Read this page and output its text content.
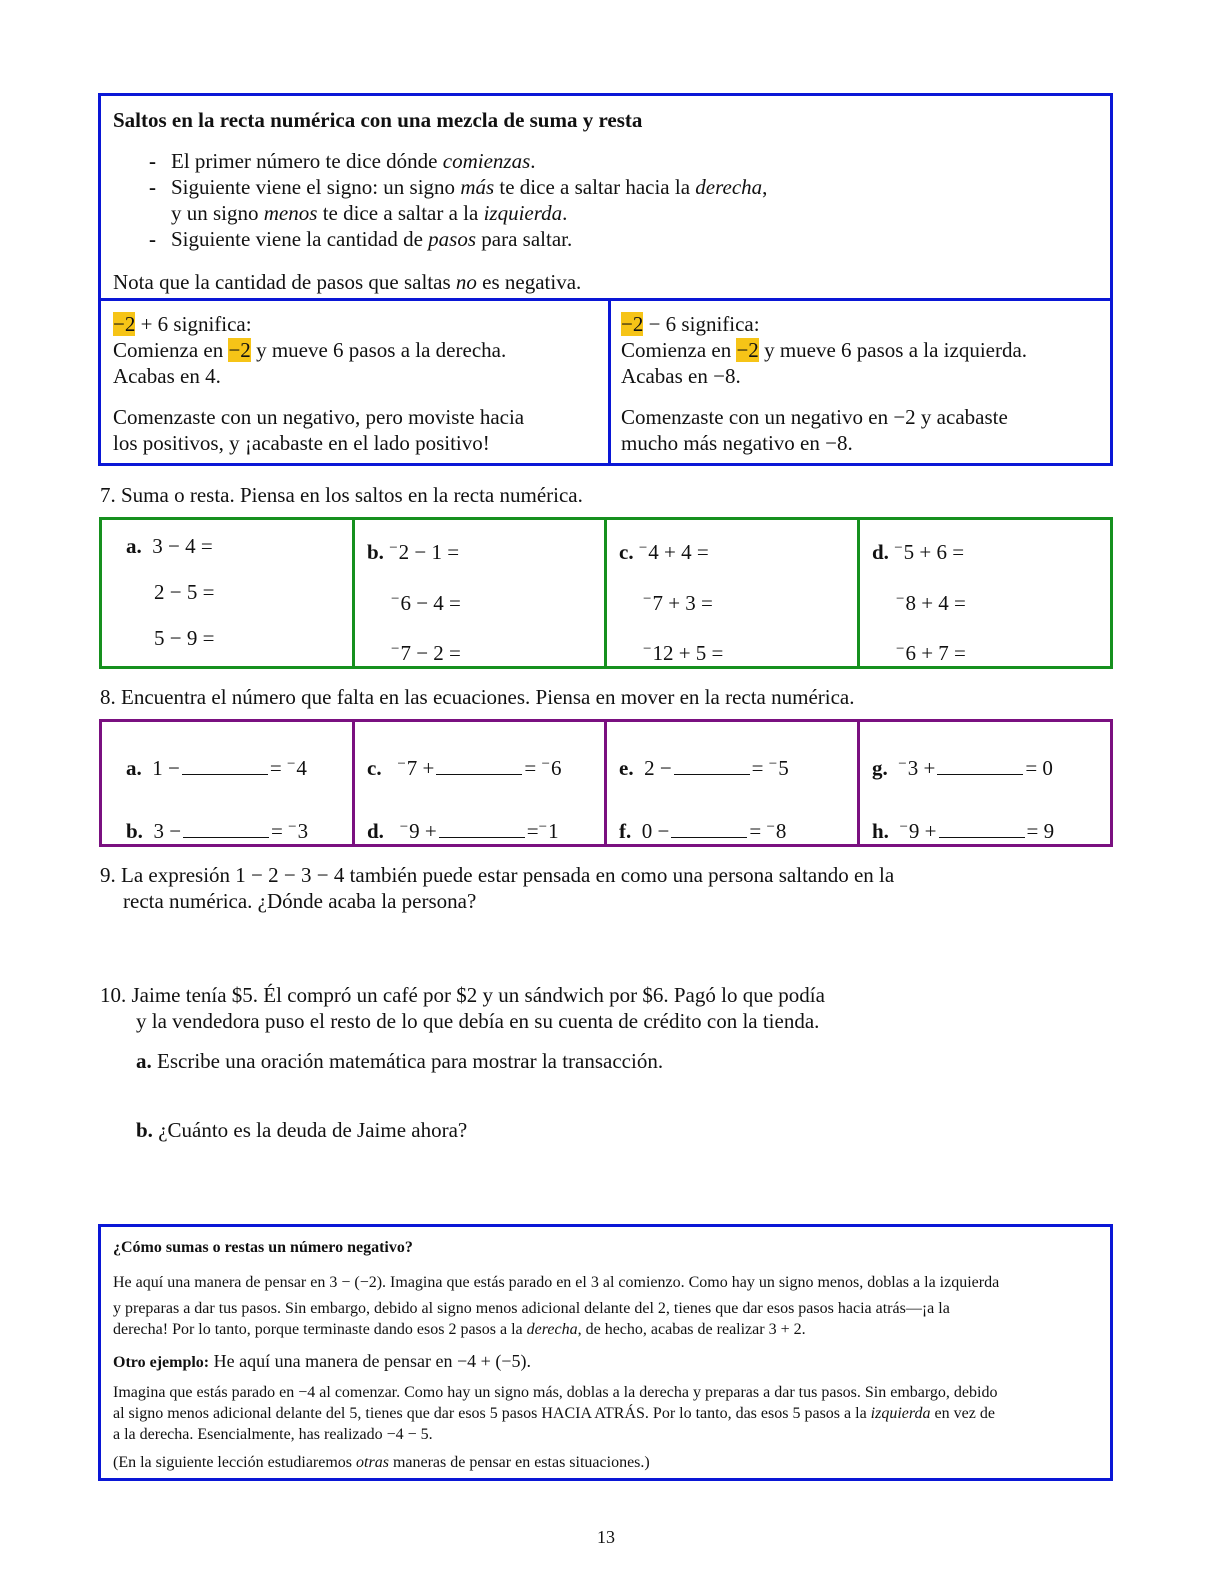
Saltos en la recta numérica con una mezcla de suma y resta
- El primer número te dice dónde comienzas.
- Siguiente viene el signo: un signo más te dice a saltar hacia la derecha,
y un signo menos te dice a saltar a la izquierda.
- Siguiente viene la cantidad de pasos para saltar.
Nota que la cantidad de pasos que saltas no es negativa.
−2 + 6 significa:
Comienza en −2 y mueve 6 pasos a la derecha.
Acabas en 4.
Comenzaste con un negativo, pero moviste hacia
los positivos, y ¡acabaste en el lado positivo!
−2 − 6 significa:
Comienza en −2 y mueve 6 pasos a la izquierda.
Acabas en −8.
Comenzaste con un negativo en −2 y acabaste
mucho más negativo en −8.
7. Suma o resta. Piensa en los saltos en la recta numérica.
a. 3 − 4 =
2 − 5 =
5 − 9 =
b. −2 − 1 =
−6 − 4 =
−7 − 2 =
c. −4 + 4 =
−7 + 3 =
−12 + 5 =
d. −5 + 6 =
−8 + 4 =
−6 + 7 =
8. Encuentra el número que falta en las ecuaciones. Piensa en mover en la recta numérica.
a. 1 −	= −4
b. 3 −	= −3
c. −7 +	= −6
d. −9 +	=−1
e. 2 −	= −5
f. 0 −	= −8
g. −3 +	= 0
h. −9 +	= 9
9. La expresión 1 − 2 − 3 − 4 también puede estar pensada en como una persona saltando en la
recta numérica. ¿Dónde acaba la persona?
10. Jaime tenía $5. Él compró un café por $2 y un sándwich por $6. Pagó lo que podía
y la vendedora puso el resto de lo que debía en su cuenta de crédito con la tienda.
a. Escribe una oración matemática para mostrar la transacción.
b. ¿Cuánto es la deuda de Jaime ahora?
¿Cómo sumas o restas un número negativo?
He aquí una manera de pensar en 3 − (−2). Imagina que estás parado en el 3 al comienzo. Como hay un signo menos, doblas a la izquierda
y preparas a dar tus pasos. Sin embargo, debido al signo menos adicional delante del 2, tienes que dar esos pasos hacia atrás—¡a la
derecha! Por lo tanto, porque terminaste dando esos 2 pasos a la derecha, de hecho, acabas de realizar 3 + 2.
Otro ejemplo: He aquí una manera de pensar en −4 + (−5).
Imagina que estás parado en −4 al comenzar. Como hay un signo más, doblas a la derecha y preparas a dar tus pasos. Sin embargo, debido
al signo menos adicional delante del 5, tienes que dar esos 5 pasos HACIA ATRÁS. Por lo tanto, das esos 5 pasos a la izquierda en vez de
a la derecha. Esencialmente, has realizado −4 − 5.
(En la siguiente lección estudiaremos otras maneras de pensar en estas situaciones.)
13
